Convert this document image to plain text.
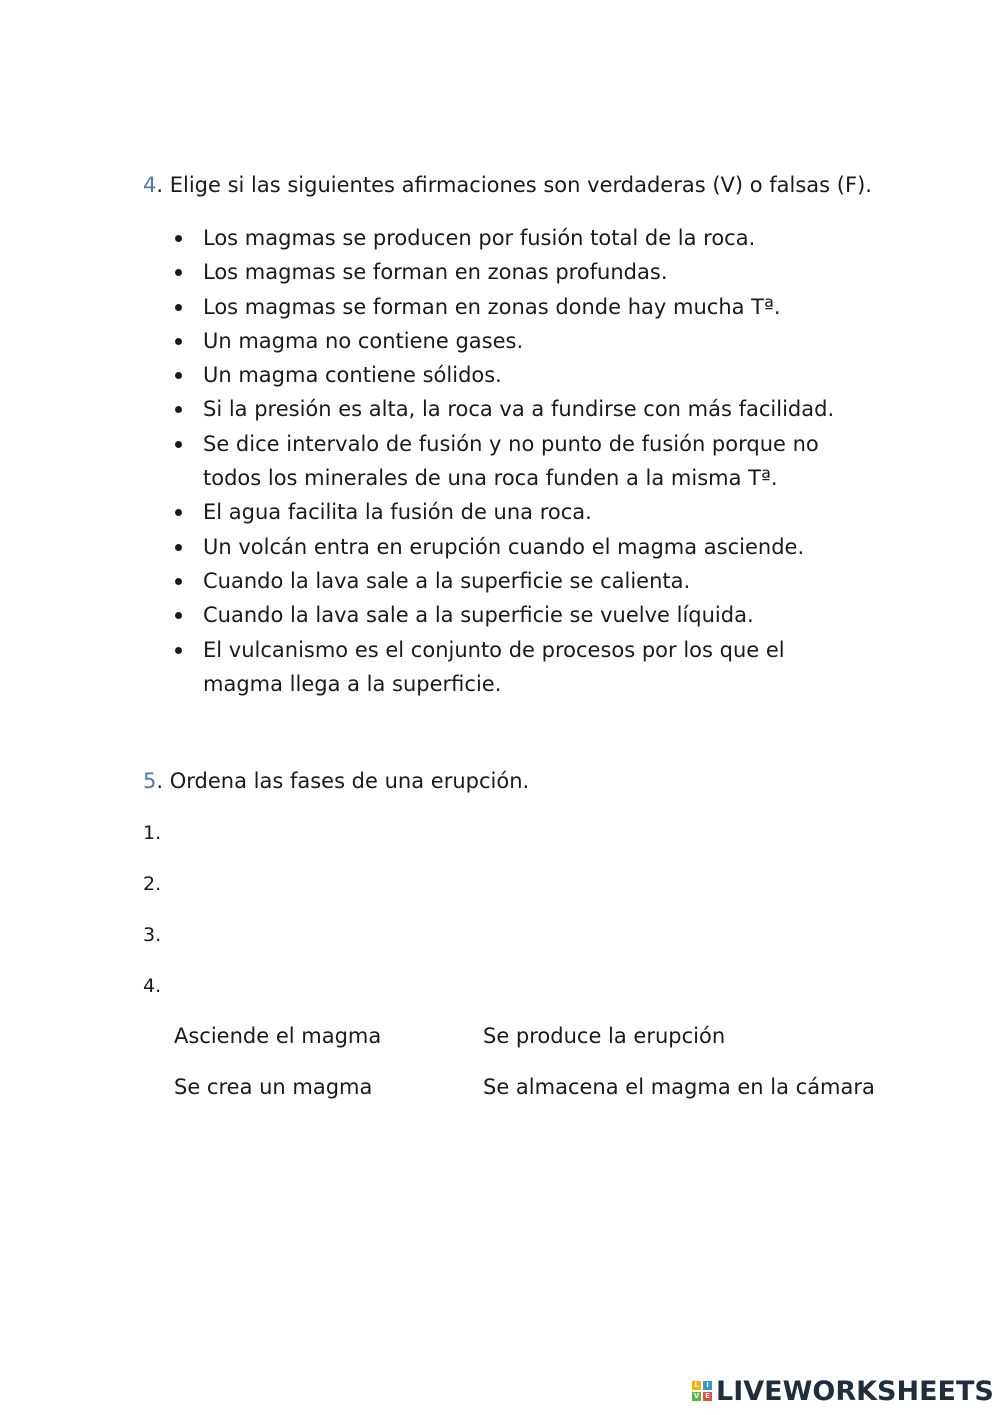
4. Elige si las siguientes afirmaciones son verdaderas (V) o falsas (F).
Los magmas se producen por fusión total de la roca.
Los magmas se forman en zonas profundas.
Los magmas se forman en zonas donde hay mucha Tª.
Un magma no contiene gases.
Un magma contiene sólidos.
Si la presión es alta, la roca va a fundirse con más facilidad.
Se dice intervalo de fusión y no punto de fusión porque no todos los minerales de una roca funden a la misma Tª.
El agua facilita la fusión de una roca.
Un volcán entra en erupción cuando el magma asciende.
Cuando la lava sale a la superficie se calienta.
Cuando la lava sale a la superficie se vuelve líquida.
El vulcanismo es el conjunto de procesos por los que el magma llega a la superficie.
5. Ordena las fases de una erupción.
1.
2.
3.
4.
Asciende el magma	Se produce la erupción
Se crea un magma	Se almacena el magma en la cámara
L	I
V E LIVEWORKSHEETS
